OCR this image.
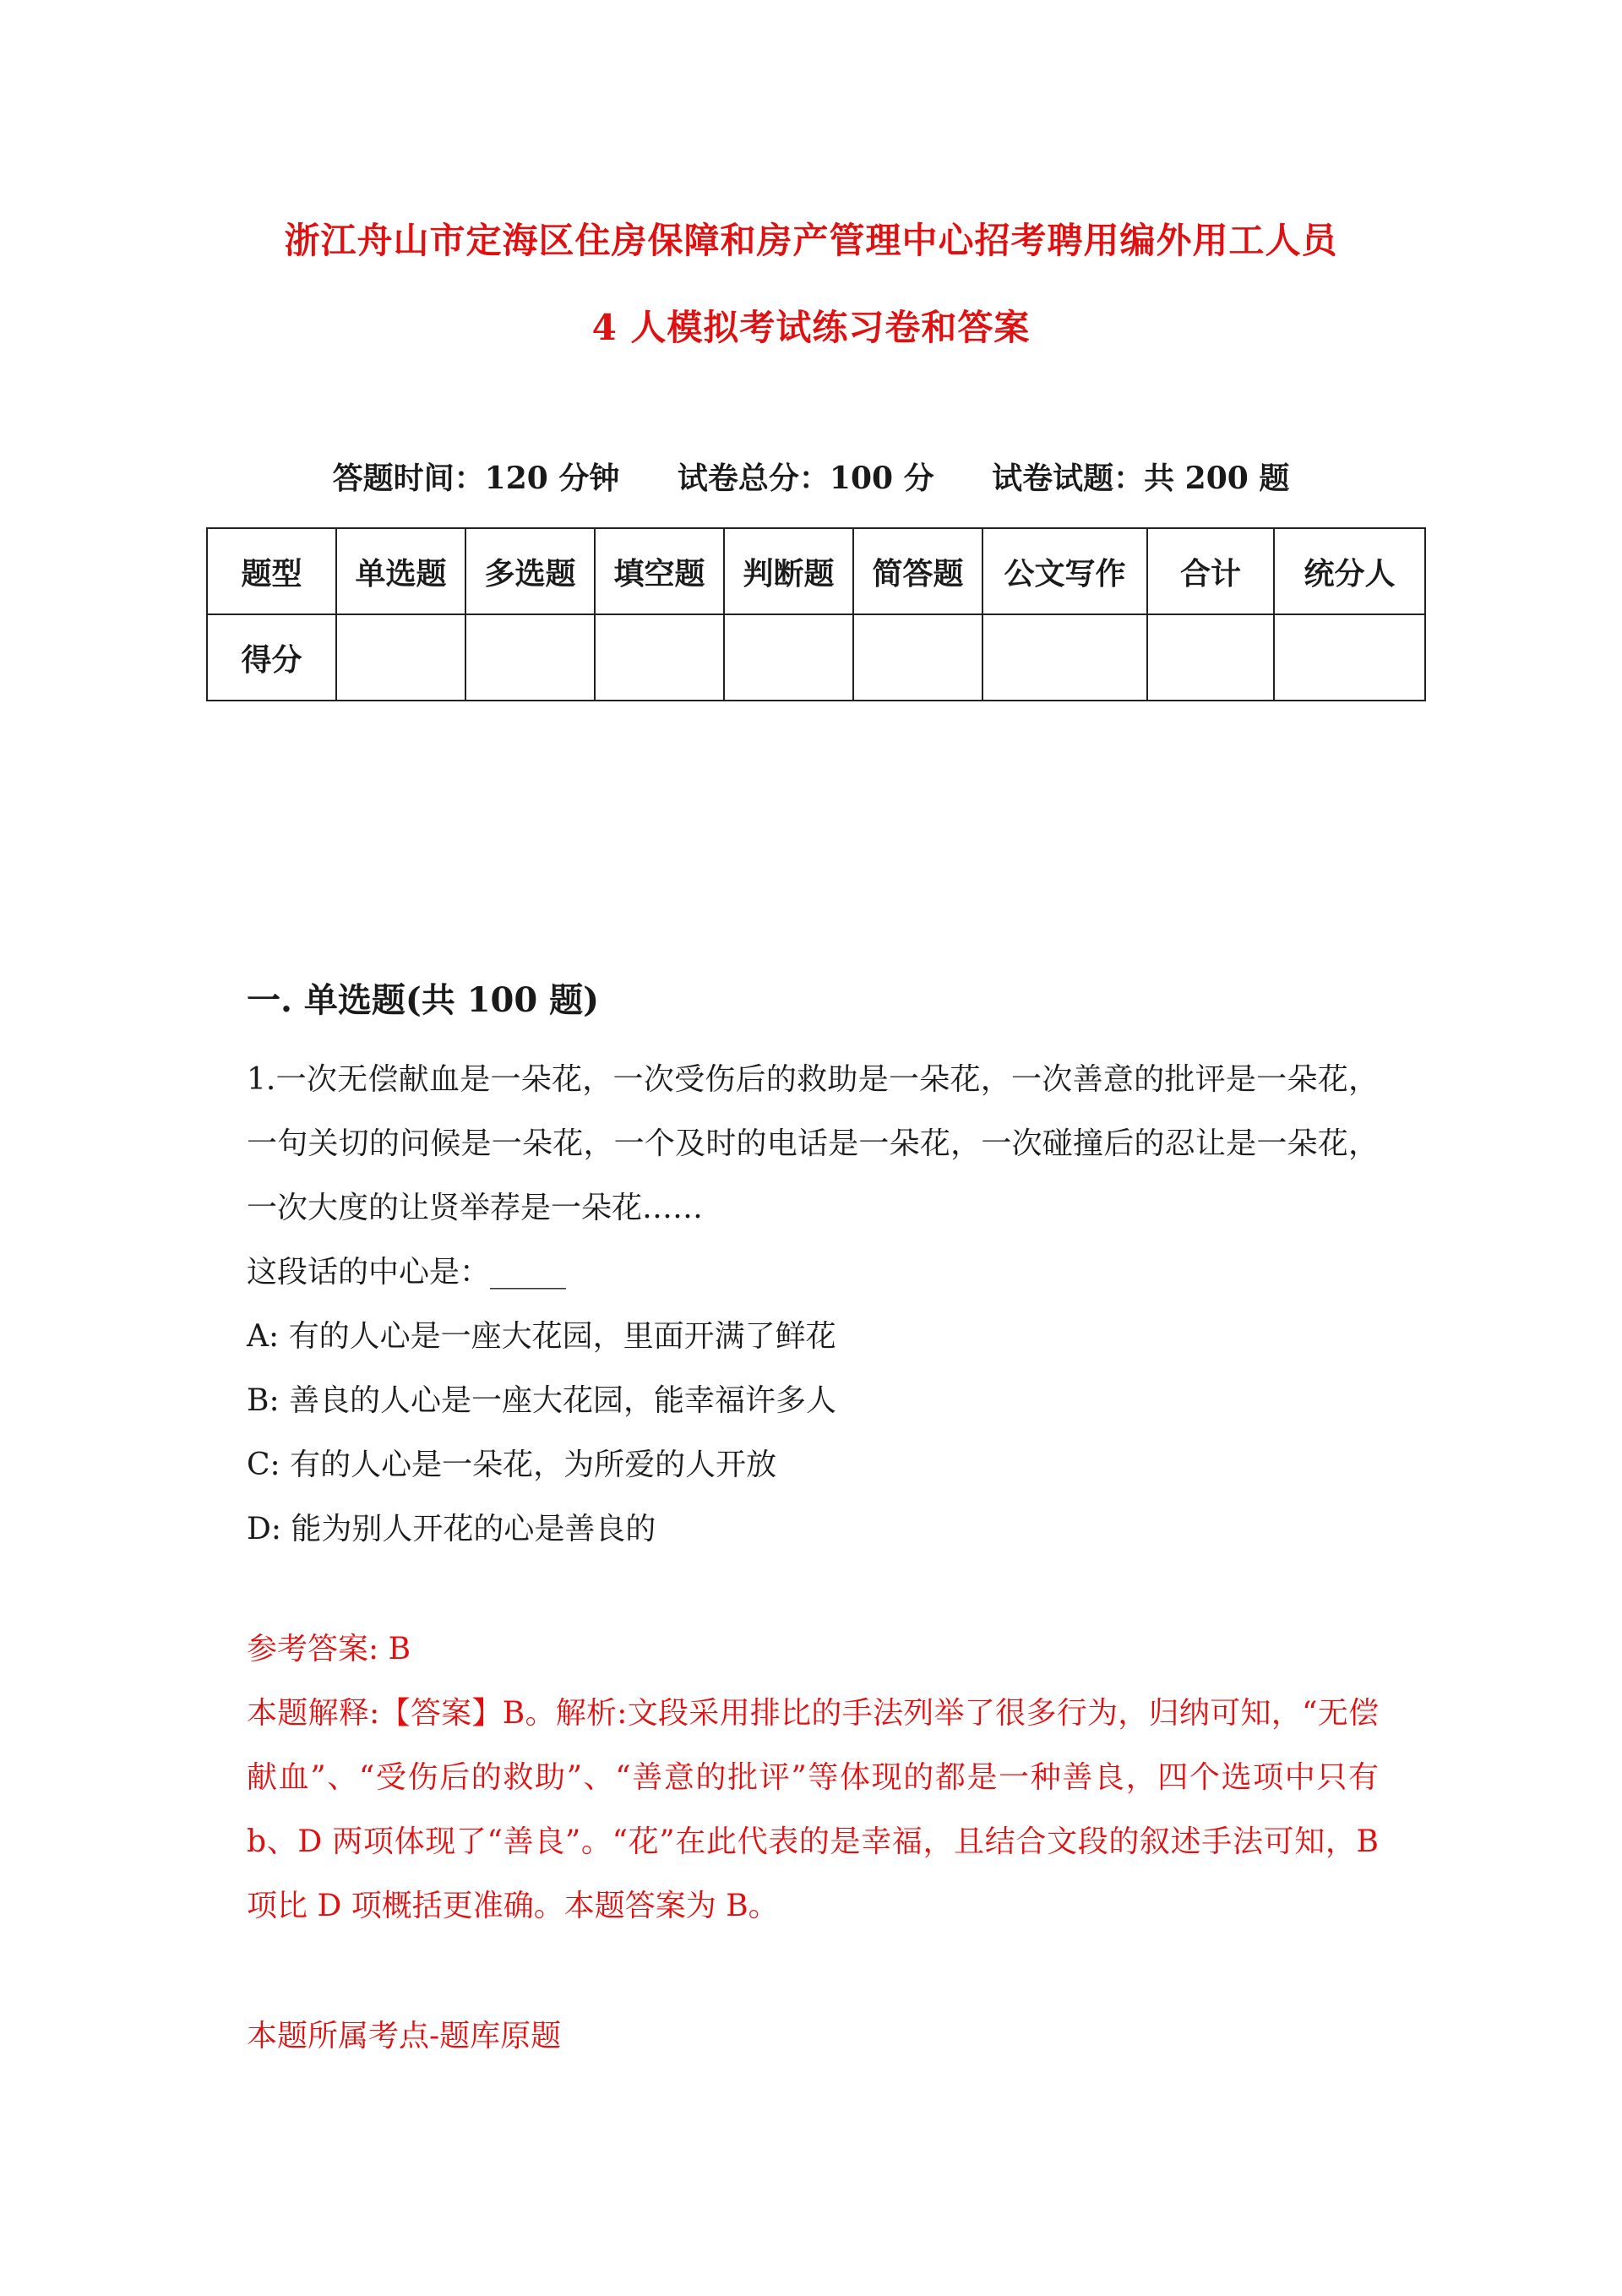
浙江舟山市定海区住房保障和房产管理中心招考聘用编外用工人员
4 人模拟考试练习卷和答案
答题时间：120 分钟 试卷总分：100 分 试卷试题：共 200 题
题型	单选题	多选题	填空题	判断题	简答题	公文写作	合计	统分人
得分								
一. 单选题(共 100 题)

1.一次无偿献血是一朵花，一次受伤后的救助是一朵花，一次善意的批评是一朵花，一句关切的问候是一朵花，一个及时的电话是一朵花，一次碰撞后的忍让是一朵花，一次大度的让贤举荐是一朵花……

这段话的中心是：_____

A: 有的人心是一座大花园，里面开满了鲜花

B: 善良的人心是一座大花园，能幸福许多人

C: 有的人心是一朵花，为所爱的人开放

D: 能为别人开花的心是善良的

参考答案: B

本题解释:【答案】B。解析:文段采用排比的手法列举了很多行为，归纳可知，“无偿献血”、“受伤后的救助”、“善意的批评”等体现的都是一种善良，四个选项中只有 b、D 两项体现了“善良”。“花”在此代表的是幸福，且结合文段的叙述手法可知，B 项比 D 项概括更准确。本题答案为 B。

本题所属考点-题库原题
